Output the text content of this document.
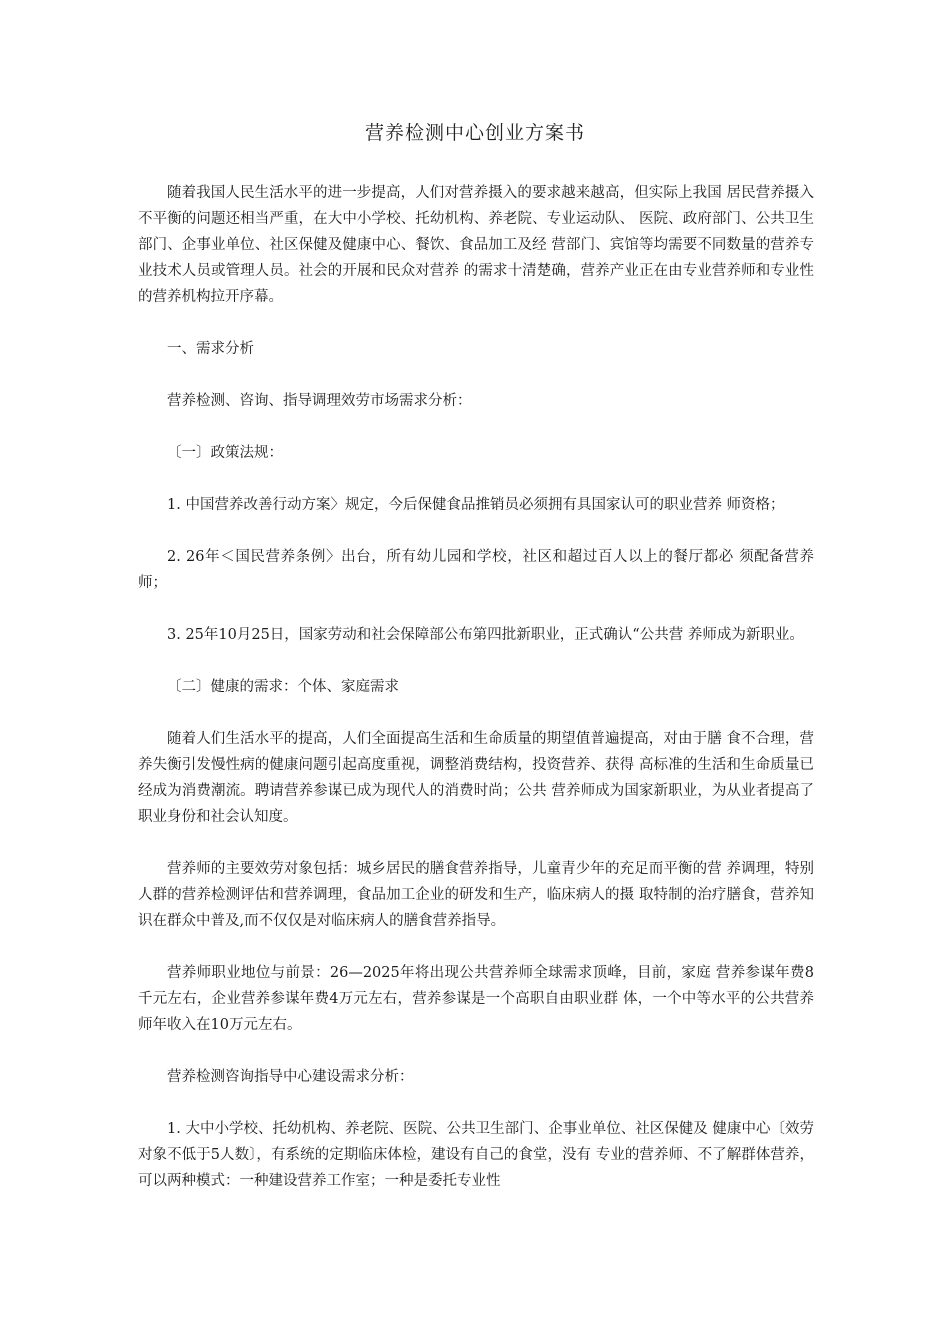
营养检测中心创业方案书

随着我国人民生活水平的进一步提高，人们对营养摄入的要求越来越高，但实际上我国 居民营养摄入不平衡的问题还相当严重，在大中小学校、托幼机构、养老院、专业运动队、 医院、政府部门、公共卫生部门、企事业单位、社区保健及健康中心、餐饮、食品加工及经 营部门、宾馆等均需要不同数量的营养专业技术人员或管理人员。社会的开展和民众对营养 的需求十清楚确，营养产业正在由专业营养师和专业性的营养机构拉开序幕。

一、需求分析

营养检测、咨询、指导调理效劳市场需求分析：

〔一〕政策法规：

1. 中国营养改善行动方案〉规定，今后保健食品推销员必须拥有具国家认可的职业营养 师资格；

2. 26年＜国民营养条例〉出台，所有幼儿园和学校，社区和超过百人以上的餐厅都必 须配备营养师；

3. 25年10月25日，国家劳动和社会保障部公布第四批新职业，正式确认“公共营 养师成为新职业。

〔二〕健康的需求：个体、家庭需求

随着人们生活水平的提高，人们全面提高生活和生命质量的期望值普遍提高，对由于膳 食不合理，营养失衡引发慢性病的健康问题引起高度重视，调整消费结构，投资营养、获得 高标准的生活和生命质量已经成为消费潮流。聘请营养参谋已成为现代人的消费时尚；公共 营养师成为国家新职业，为从业者提高了职业身份和社会认知度。

营养师的主要效劳对象包括：城乡居民的膳食营养指导，儿童青少年的充足而平衡的营 养调理，特别人群的营养检测评估和营养调理，食品加工企业的研发和生产，临床病人的摄 取特制的治疗膳食，营养知识在群众中普及,而不仅仅是对临床病人的膳食营养指导。

营养师职业地位与前景：26—2025年将出现公共营养师全球需求顶峰，目前，家庭 营养参谋年费8千元左右，企业营养参谋年费4万元左右，营养参谋是一个高职自由职业群 体，一个中等水平的公共营养师年收入在10万元左右。

营养检测咨询指导中心建设需求分析：

1. 大中小学校、托幼机构、养老院、医院、公共卫生部门、企事业单位、社区保健及 健康中心〔效劳对象不低于5人数〕，有系统的定期临床体检，建设有自己的食堂，没有 专业的营养师、不了解群体营养，可以两种模式：一种建设营养工作室；一种是委托专业性
